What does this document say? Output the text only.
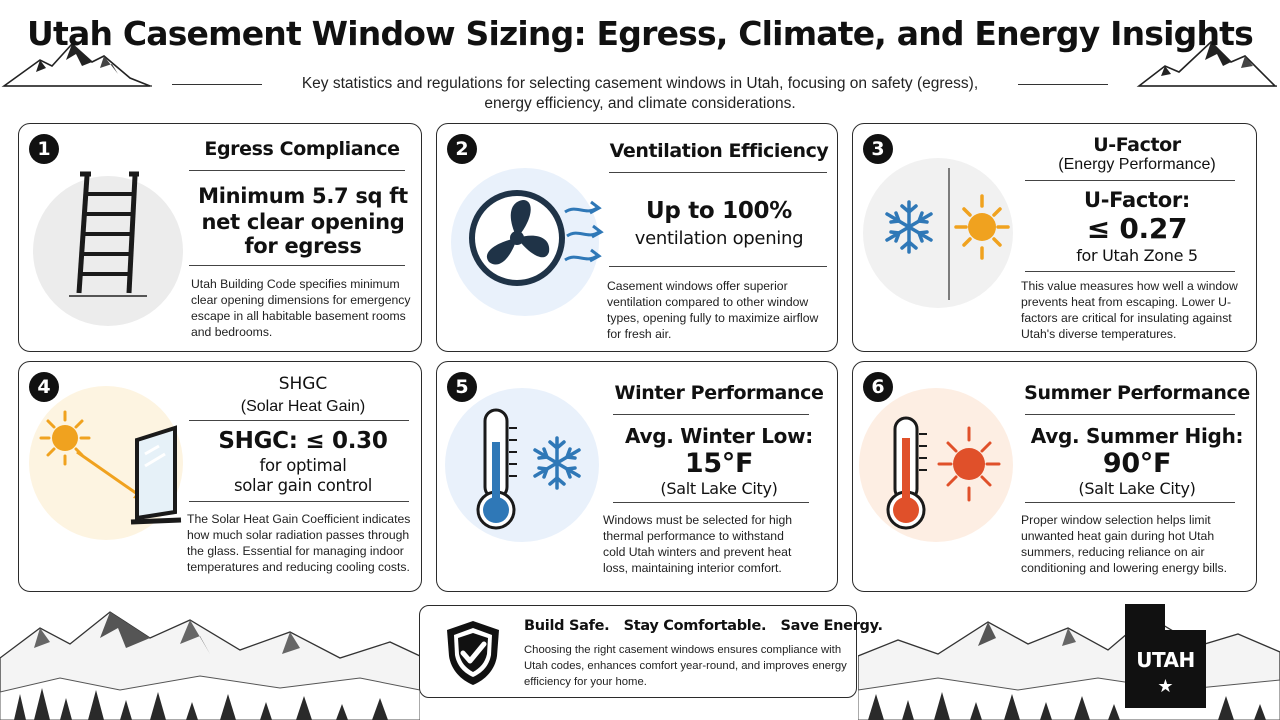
Utah Casement Window Sizing: Egress, Climate, and Energy Insights
Key statistics and regulations for selecting casement windows in Utah, focusing on safety (egress),
energy efficiency, and climate considerations.
1	Egress Compliance
Minimum 5.7 sq ft
net clear opening
for egress
Utah Building Code specifies minimum clear opening dimensions for emergency escape in all habitable basement rooms and bedrooms.
2	Ventilation Efficiency
Up to 100%
ventilation opening
Casement windows offer superior ventilation compared to other window types, opening fully to maximize airflow for fresh air.
3	U-Factor
(Energy Performance)
U-Factor:
≤ 0.27
for Utah Zone 5
This value measures how well a window prevents heat from escaping. Lower U-factors are critical for insulating against Utah's diverse temperatures.
4	SHGC
(Solar Heat Gain)
SHGC: ≤ 0.30
for optimal
solar gain control
The Solar Heat Gain Coefficient indicates how much solar radiation passes through the glass. Essential for managing indoor temperatures and reducing cooling costs.
5	Winter Performance
Avg. Winter Low:
15°F
(Salt Lake City)
Windows must be selected for high thermal performance to withstand cold Utah winters and prevent heat loss, maintaining interior comfort.
6	Summer Performance
Avg. Summer High:
90°F
(Salt Lake City)
Proper window selection helps limit unwanted heat gain during hot Utah summers, reducing reliance on air conditioning and lowering energy bills.
Build Safe.   Stay Comfortable.   Save Energy.
Choosing the right casement windows ensures compliance with Utah codes, enhances comfort year-round, and improves energy efficiency for your home.
UTAH
★
